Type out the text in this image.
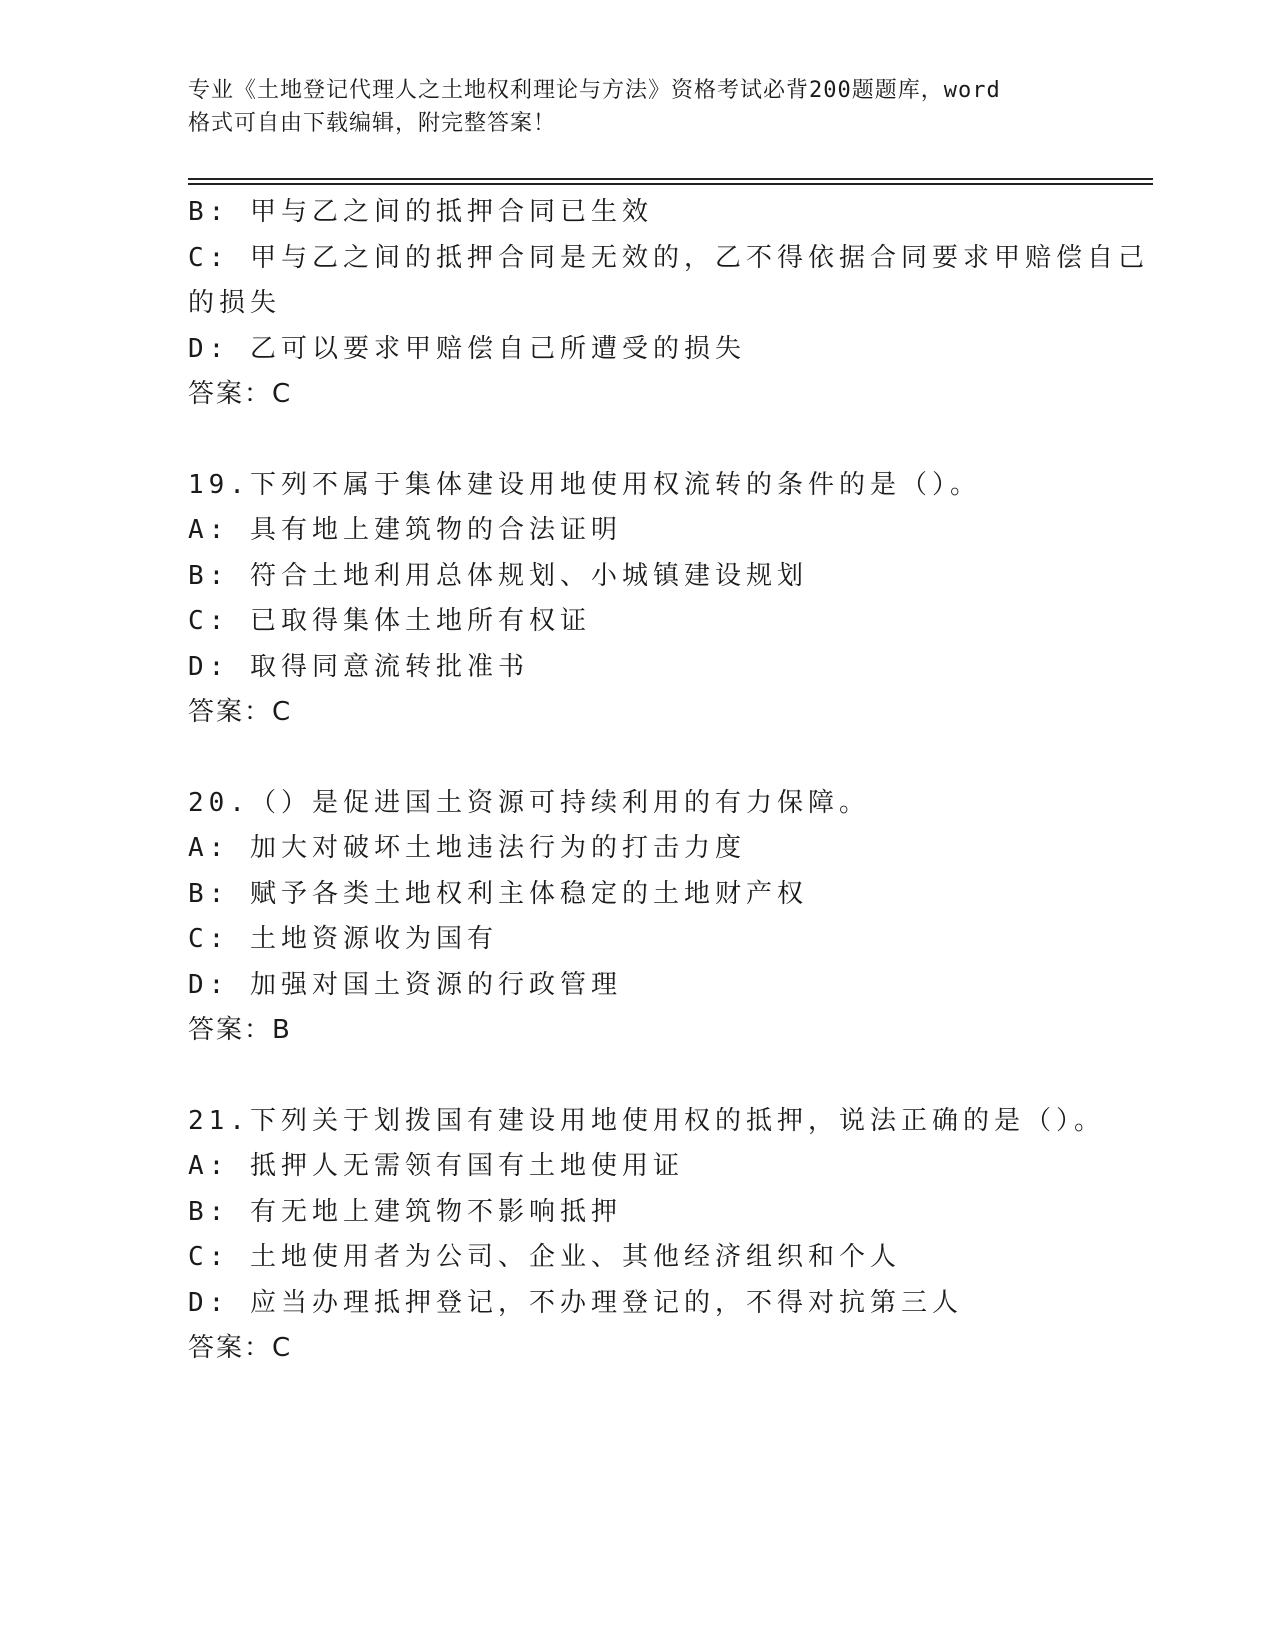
专业《土地登记代理人之土地权利理论与方法》资格考试必背200题题库，word

格式可自由下载编辑，附完整答案！

B: 甲与乙之间的抵押合同已生效

C: 甲与乙之间的抵押合同是无效的，乙不得依据合同要求甲赔偿自己

的损失

D: 乙可以要求甲赔偿自己所遭受的损失

答案：C

19.下列不属于集体建设用地使用权流转的条件的是（）。

A: 具有地上建筑物的合法证明

B: 符合土地利用总体规划、小城镇建设规划

C: 已取得集体土地所有权证

D: 取得同意流转批准书

答案：C

20.（）是促进国土资源可持续利用的有力保障。

A: 加大对破坏土地违法行为的打击力度

B: 赋予各类土地权利主体稳定的土地财产权

C: 土地资源收为国有

D: 加强对国土资源的行政管理

答案：B

21.下列关于划拨国有建设用地使用权的抵押，说法正确的是（）。

A: 抵押人无需领有国有土地使用证

B: 有无地上建筑物不影响抵押

C: 土地使用者为公司、企业、其他经济组织和个人

D: 应当办理抵押登记，不办理登记的，不得对抗第三人

答案：C
